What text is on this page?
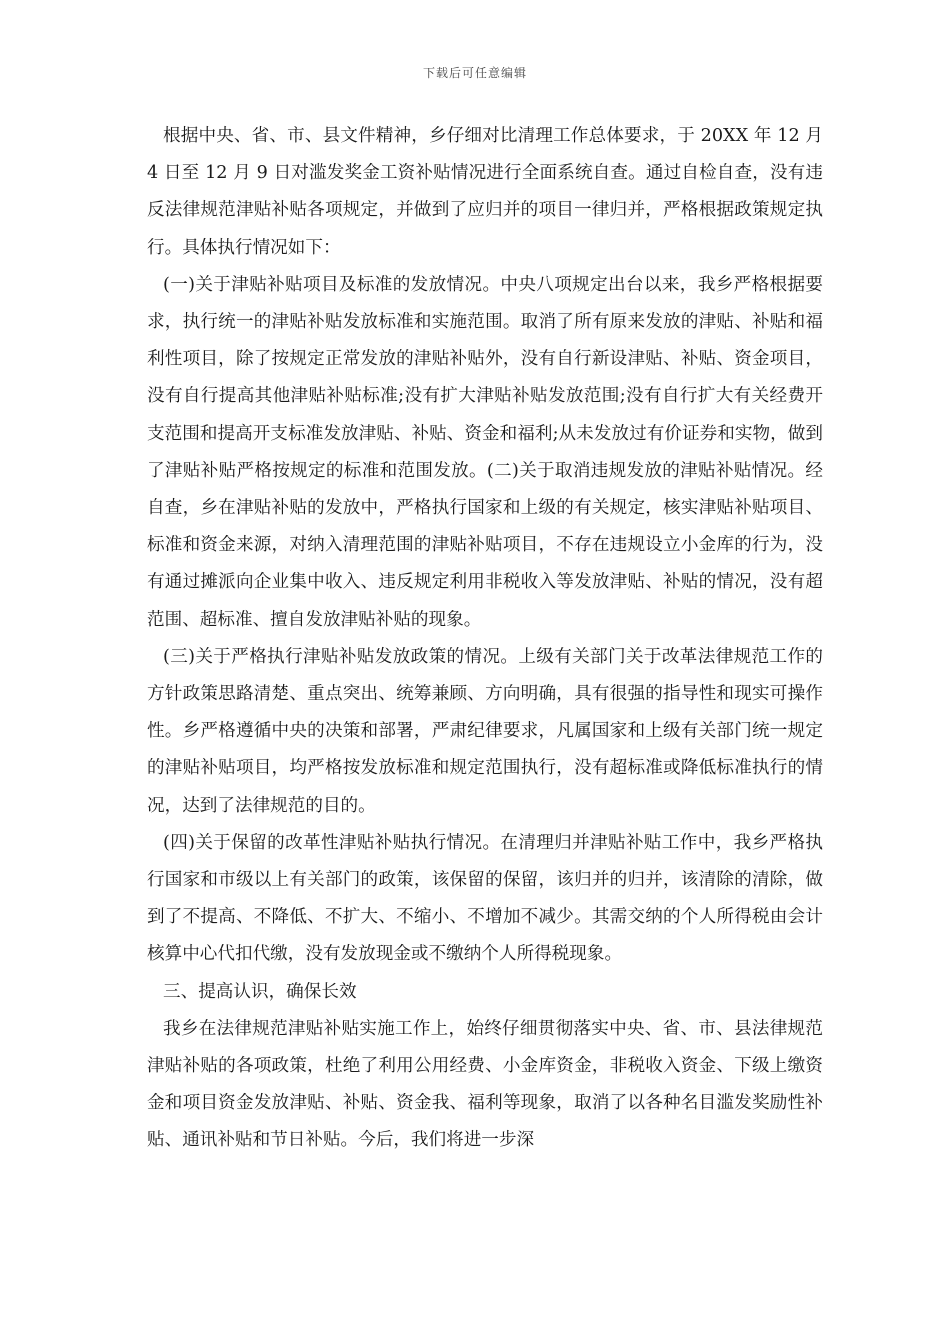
下载后可任意编辑

根据中央、省、市、县文件精神，乡仔细对比清理工作总体要求，于 20XX 年 12 月 4 日至 12 月 9 日对滥发奖金工资补贴情况进行全面系统自查。通过自检自查，没有违反法律规范津贴补贴各项规定，并做到了应归并的项目一律归并，严格根据政策规定执行。具体执行情况如下：

(一)关于津贴补贴项目及标准的发放情况。中央八项规定出台以来，我乡严格根据要求，执行统一的津贴补贴发放标准和实施范围。取消了所有原来发放的津贴、补贴和福利性项目，除了按规定正常发放的津贴补贴外，没有自行新设津贴、补贴、资金项目，没有自行提高其他津贴补贴标准;没有扩大津贴补贴发放范围;没有自行扩大有关经费开支范围和提高开支标准发放津贴、补贴、资金和福利;从未发放过有价证券和实物，做到了津贴补贴严格按规定的标准和范围发放。(二)关于取消违规发放的津贴补贴情况。经自查，乡在津贴补贴的发放中，严格执行国家和上级的有关规定，核实津贴补贴项目、标准和资金来源，对纳入清理范围的津贴补贴项目，不存在违规设立小金库的行为，没有通过摊派向企业集中收入、违反规定利用非税收入等发放津贴、补贴的情况，没有超范围、超标准、擅自发放津贴补贴的现象。

(三)关于严格执行津贴补贴发放政策的情况。上级有关部门关于改革法律规范工作的方针政策思路清楚、重点突出、统筹兼顾、方向明确，具有很强的指导性和现实可操作性。乡严格遵循中央的决策和部署，严肃纪律要求，凡属国家和上级有关部门统一规定的津贴补贴项目，均严格按发放标准和规定范围执行，没有超标准或降低标准执行的情况，达到了法律规范的目的。

(四)关于保留的改革性津贴补贴执行情况。在清理归并津贴补贴工作中，我乡严格执行国家和市级以上有关部门的政策，该保留的保留，该归并的归并，该清除的清除，做到了不提高、不降低、不扩大、不缩小、不增加不减少。其需交纳的个人所得税由会计核算中心代扣代缴，没有发放现金或不缴纳个人所得税现象。

三、提高认识，确保长效

我乡在法律规范津贴补贴实施工作上，始终仔细贯彻落实中央、省、市、县法律规范津贴补贴的各项政策，杜绝了利用公用经费、小金库资金，非税收入资金、下级上缴资金和项目资金发放津贴、补贴、资金我、福利等现象，取消了以各种名目滥发奖励性补贴、通讯补贴和节日补贴。今后，我们将进一步深
